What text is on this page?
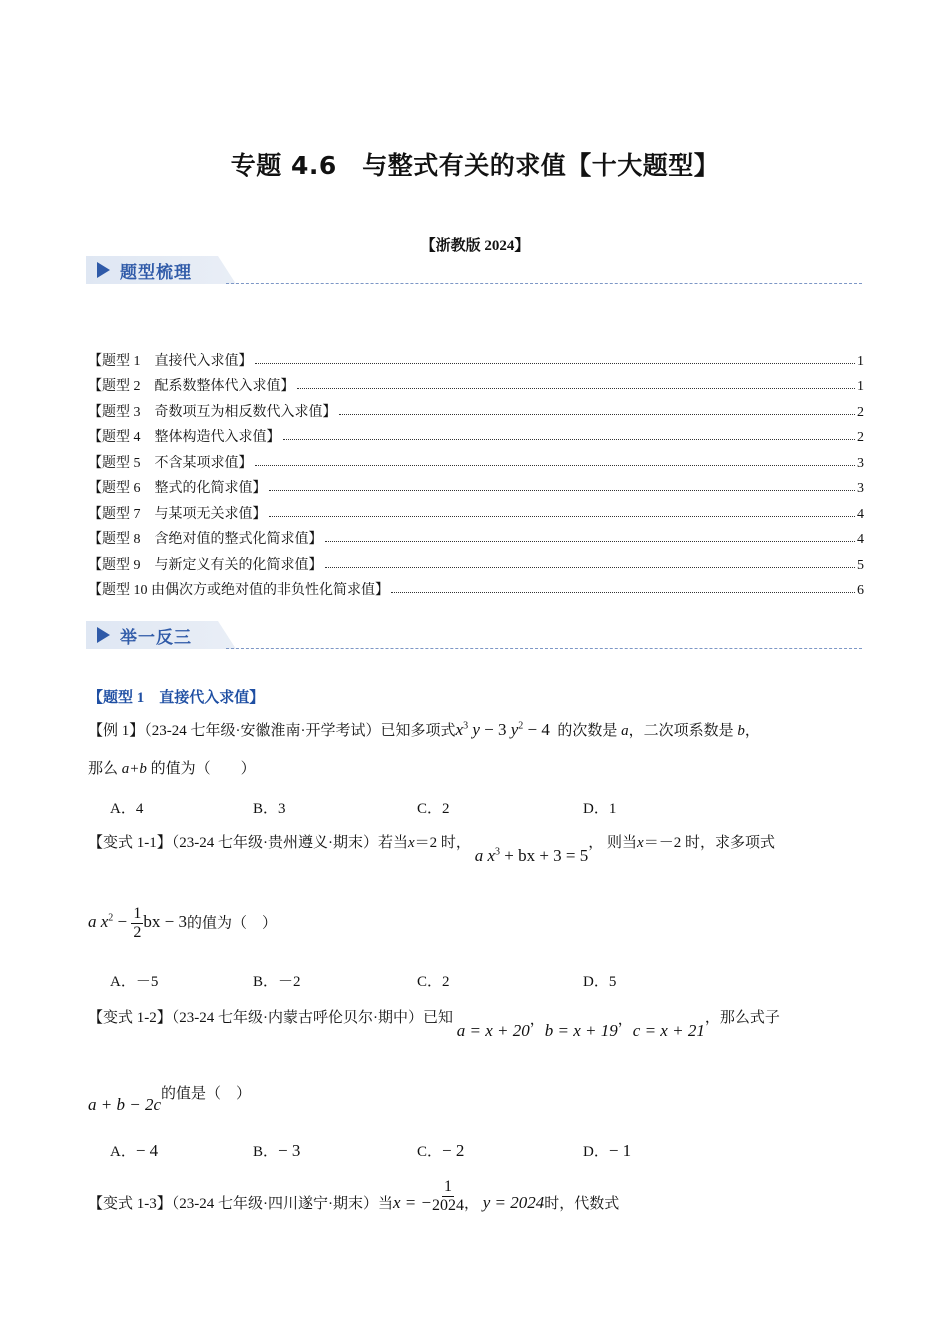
专题 4.6　与整式有关的求值【十大题型】
【浙教版 2024】
题型梳理
【题型 1　直接代入求值】	1
【题型 2　配系数整体代入求值】	1
【题型 3　奇数项互为相反数代入求值】	2
【题型 4　整体构造代入求值】	2
【题型 5　不含某项求值】	3
【题型 6　整式的化简求值】	3
【题型 7　与某项无关求值】	4
【题型 8　含绝对值的整式化简求值】	4
【题型 9　与新定义有关的化简求值】	5
【题型 10 由偶次方或绝对值的非负性化简求值】	6
举一反三
【题型 1　直接代入求值】
【例 1】（23-24 七年级·安徽淮南·开学考试）已知多项式$x^3$ y − 3 $y^2 - 4$ 的次数是 a，二次项系数是 b，
那么 a+b 的值为（　　）
A．4	B．3	C．2	D．1
【变式 1-1】（23-24 七年级·贵州遵义·期末）若当x＝2 时， a $x^3$ + bx + 3 = 5， 则当x＝－2 时，求多项式
a $x^2 - \frac{1}{2}$ bx − 3的值为（　）
A．－5	B．－2	C．2	D．5
【变式 1-2】（23-24 七年级·内蒙古呼伦贝尔·期中）已知 a = x + 20，b = x + 19，c = x + 21，那么式子
a + b − 2c的值是（　）
A．− 4	B．− 3	C．− 2	D．− 1
【变式 1-3】（23-24 七年级·四川遂宁·期末）当x = − $\frac{1}{2024}$ ， y = 2024时，代数式
